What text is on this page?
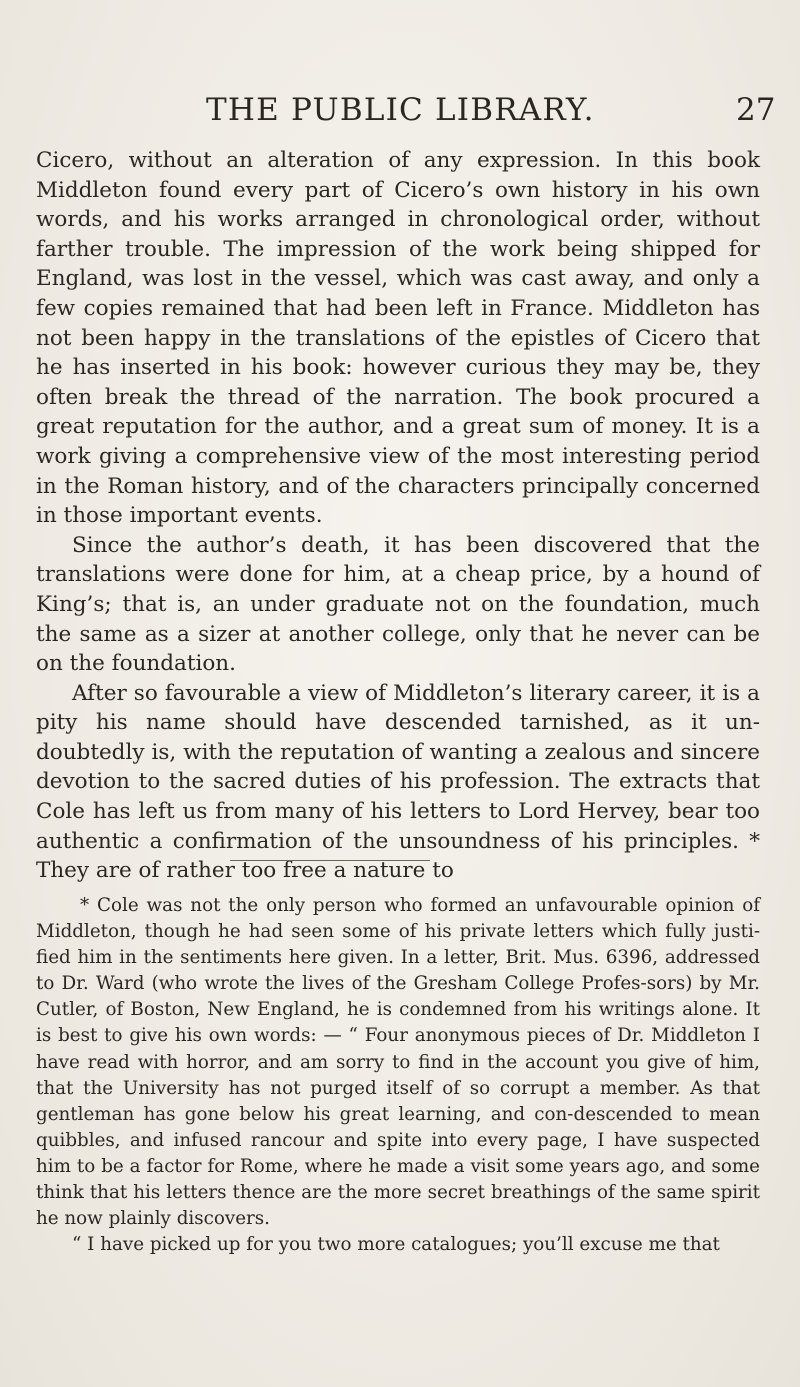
THE PUBLIC LIBRARY.	27

Cicero, without an alteration of any expression. In this book Middleton found every part of Cicero’s own history in his own words, and his works arranged in chronological order, without farther trouble. The impression of the work being shipped for England, was lost in the vessel, which was cast away, and only a few copies remained that had been left in France. Middleton has not been happy in the translations of the epistles of Cicero that he has inserted in his book: however curious they may be, they often break the thread of the narration. The book procured a great reputation for the author, and a great sum of money. It is a work giving a comprehensive view of the most interesting period in the Roman history, and of the characters principally concerned in those important events.

Since the author’s death, it has been discovered that the translations were done for him, at a cheap price, by a hound of King’s; that is, an under graduate not on the foundation, much the same as a sizer at another college, only that he never can be on the foundation.

After so favourable a view of Middleton’s literary career, it is a pity his name should have descended tarnished, as it un-doubtedly is, with the reputation of wanting a zealous and sincere devotion to the sacred duties of his profession. The extracts that Cole has left us from many of his letters to Lord Hervey, bear too authentic a confirmation of the unsoundness of his principles. * They are of rather too free a nature to

* Cole was not the only person who formed an unfavourable opinion of Middleton, though he had seen some of his private letters which fully justi-fied him in the sentiments here given. In a letter, Brit. Mus. 6396, addressed to Dr. Ward (who wrote the lives of the Gresham College Profes-sors) by Mr. Cutler, of Boston, New England, he is condemned from his writings alone. It is best to give his own words: — “ Four anonymous pieces of Dr. Middleton I have read with horror, and am sorry to find in the account you give of him, that the University has not purged itself of so corrupt a member. As that gentleman has gone below his great learning, and con-descended to mean quibbles, and infused rancour and spite into every page, I have suspected him to be a factor for Rome, where he made a visit some years ago, and some think that his letters thence are the more secret breathings of the same spirit he now plainly discovers.

“ I have picked up for you two more catalogues; you’ll excuse me that
